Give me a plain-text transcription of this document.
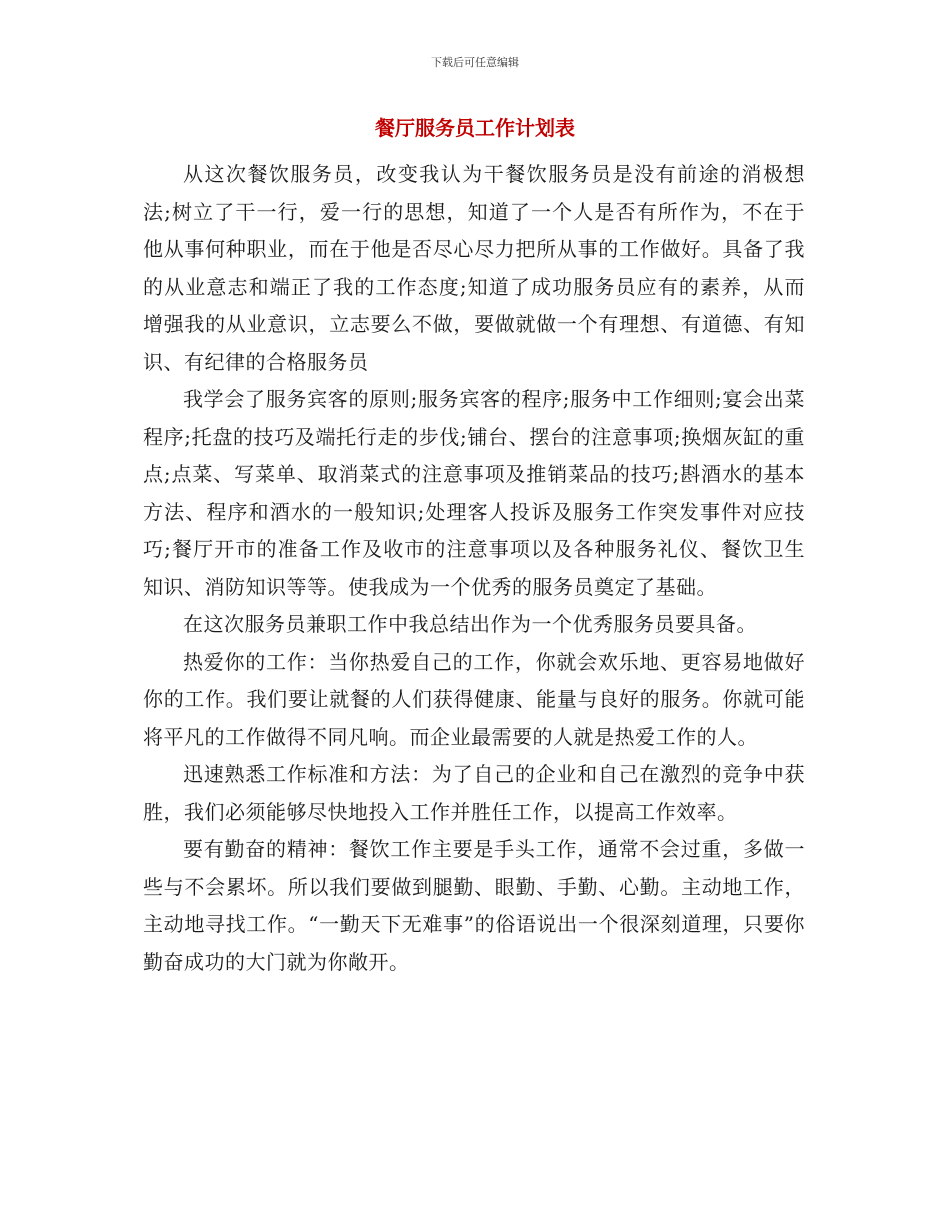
下载后可任意编辑
餐厅服务员工作计划表

从这次餐饮服务员，改变我认为干餐饮服务员是没有前途的消极想法;树立了干一行，爱一行的思想，知道了一个人是否有所作为，不在于他从事何种职业，而在于他是否尽心尽力把所从事的工作做好。具备了我的从业意志和端正了我的工作态度;知道了成功服务员应有的素养，从而增强我的从业意识，立志要么不做，要做就做一个有理想、有道德、有知识、有纪律的合格服务员

我学会了服务宾客的原则;服务宾客的程序;服务中工作细则;宴会出菜程序;托盘的技巧及端托行走的步伐;铺台、摆台的注意事项;换烟灰缸的重点;点菜、写菜单、取消菜式的注意事项及推销菜品的技巧;斟酒水的基本方法、程序和酒水的一般知识;处理客人投诉及服务工作突发事件对应技巧;餐厅开市的准备工作及收市的注意事项以及各种服务礼仪、餐饮卫生知识、消防知识等等。使我成为一个优秀的服务员奠定了基础。

在这次服务员兼职工作中我总结出作为一个优秀服务员要具备。

热爱你的工作：当你热爱自己的工作，你就会欢乐地、更容易地做好你的工作。我们要让就餐的人们获得健康、能量与良好的服务。你就可能将平凡的工作做得不同凡响。而企业最需要的人就是热爱工作的人。

迅速熟悉工作标准和方法：为了自己的企业和自己在激烈的竞争中获胜，我们必须能够尽快地投入工作并胜任工作，以提高工作效率。

要有勤奋的精神：餐饮工作主要是手头工作，通常不会过重，多做一些与不会累坏。所以我们要做到腿勤、眼勤、手勤、心勤。主动地工作，主动地寻找工作。“一勤天下无难事”的俗语说出一个很深刻道理，只要你勤奋成功的大门就为你敞开。
